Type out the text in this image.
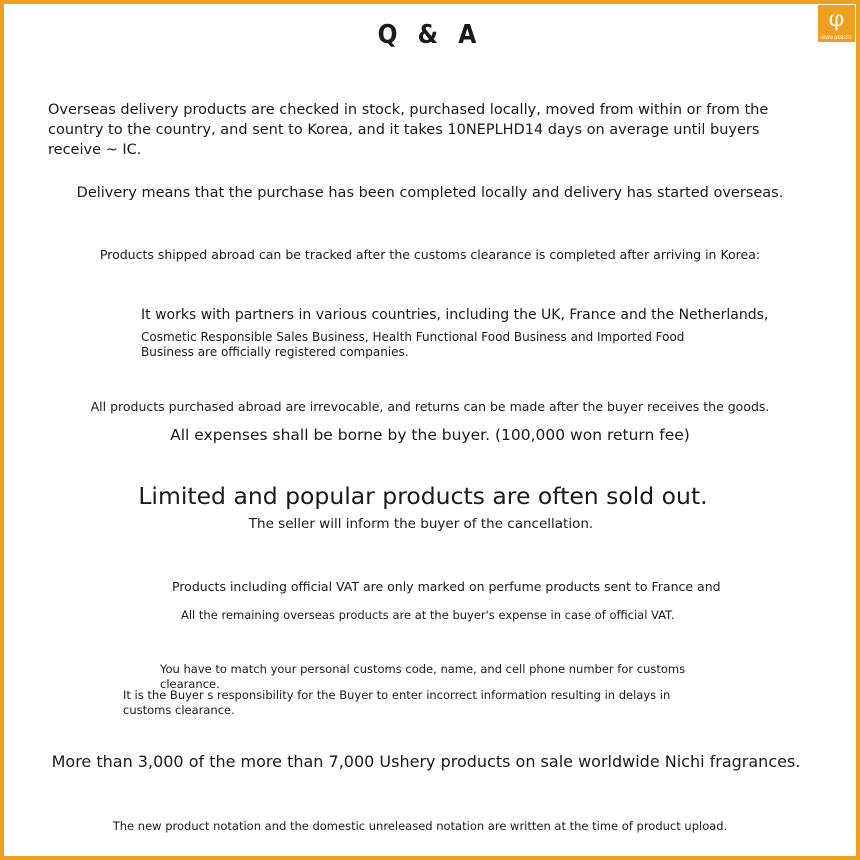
φ
WWW.WEBSITE
Q & A
Overseas delivery products are checked in stock, purchased locally, moved from within or from the country to the country, and sent to Korea, and it takes 10NEPLHD14 days on average until buyers receive ~ IC.
Delivery means that the purchase has been completed locally and delivery has started overseas.
Products shipped abroad can be tracked after the customs clearance is completed after arriving in Korea:
It works with partners in various countries, including the UK, France and the Netherlands,
Cosmetic Responsible Sales Business, Health Functional Food Business and Imported Food Business are officially registered companies.
All products purchased abroad are irrevocable, and returns can be made after the buyer receives the goods.
All expenses shall be borne by the buyer. (100,000 won return fee)
Limited and popular products are often sold out.
The seller will inform the buyer of the cancellation.
Products including official VAT are only marked on perfume products sent to France and
All the remaining overseas products are at the buyer's expense in case of official VAT.
You have to match your personal customs code, name, and cell phone number for customs clearance.
It is the Buyer s responsibility for the Buyer to enter incorrect information resulting in delays in customs clearance.
More than 3,000 of the more than 7,000 Ushery products on sale worldwide Nichi fragrances.
The new product notation and the domestic unreleased notation are written at the time of product upload.
